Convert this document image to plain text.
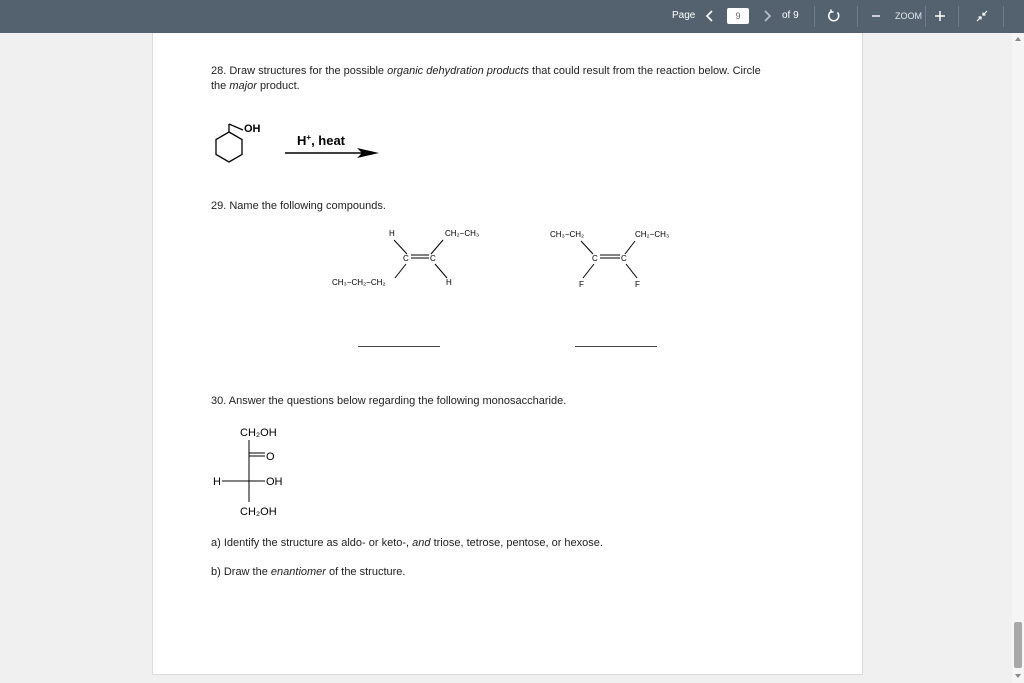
Page
9	of 9	ZOOM
28. Draw structures for the possible organic dehydration products that could result from the reaction below. Circle
the major product.
OH
H+, heat
29. Name the following compounds.
H	CH₂−CH₃
C	C
CH₃−CH₂−CH₂	H
CH₃−CH₂	CH₂−CH₃
C	C
F	F
30. Answer the questions below regarding the following monosaccharide.
CH₂OH
O
H	OH
CH₂OH
a) Identify the structure as aldo- or keto-, and triose, tetrose, pentose, or hexose.
b) Draw the enantiomer of the structure.
